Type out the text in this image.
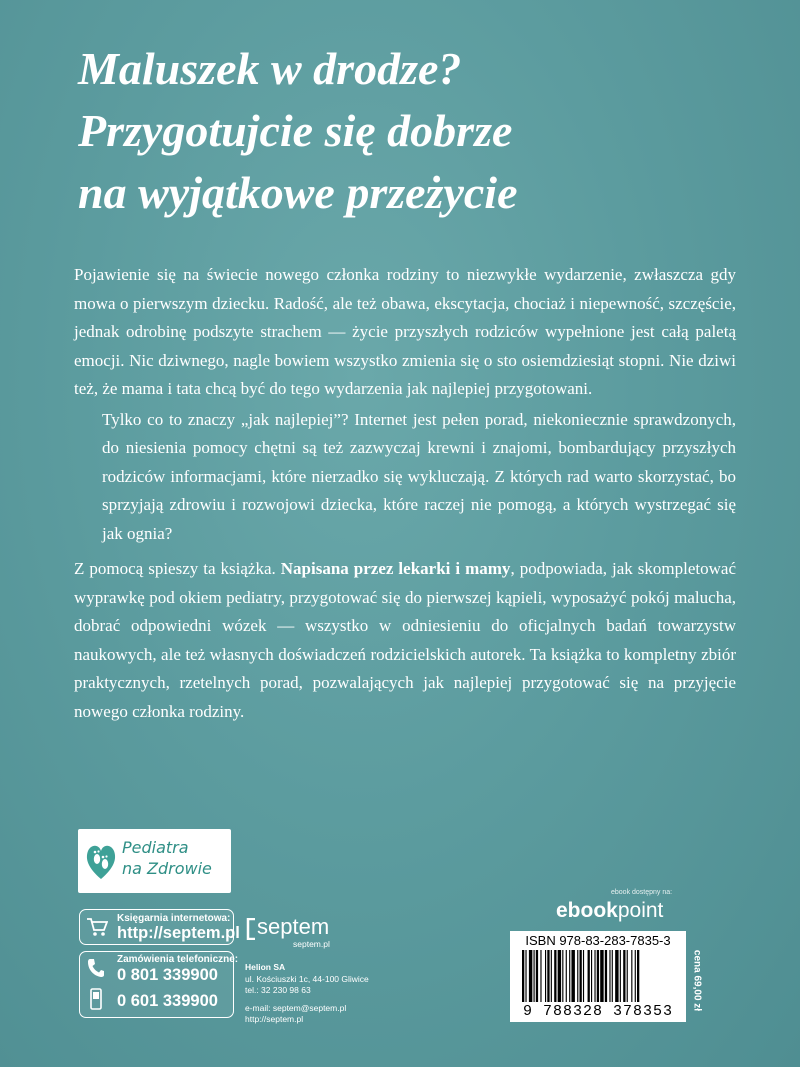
Maluszek w drodze?
Przygotujcie się dobrze
na wyjątkowe przeżycie

Pojawienie się na świecie nowego członka rodziny to niezwykłe wydarzenie, zwłaszcza gdy mowa o pierwszym dziecku. Radość, ale też obawa, ekscytacja, chociaż i niepewność, szczęście, jednak odrobinę podszyte strachem — życie przyszłych rodziców wypełnione jest całą paletą emocji. Nic dziwnego, nagle bowiem wszystko zmienia się o sto osiemdziesiąt stopni. Nie dziwi też, że mama i tata chcą być do tego wydarzenia jak najlepiej przygotowani.

Tylko co to znaczy „jak najlepiej”? Internet jest pełen porad, niekoniecznie sprawdzonych, do niesienia pomocy chętni są też zazwyczaj krewni i znajomi, bombardujący przyszłych rodziców informacjami, które nierzadko się wykluczają. Z których rad warto skorzystać, bo sprzyjają zdrowiu i rozwojowi dziecka, które raczej nie pomogą, a których wystrzegać się jak ognia?

Z pomocą spieszy ta książka. Napisana przez lekarki i mamy, podpowiada, jak skompletować wyprawkę pod okiem pediatry, przygotować się do pierwszej kąpieli, wyposażyć pokój malucha, dobrać odpowiedni wózek — wszystko w odniesieniu do oficjalnych badań towarzystw naukowych, ale też własnych doświadczeń rodzicielskich autorek. Ta książka to kompletny zbiór praktycznych, rzetelnych porad, pozwalających jak najlepiej przygotować się na przyjęcie nowego członka rodziny.

Pediatra
na Zdrowie
Księgarnia internetowa:
http://septem.pl
Zamówienia telefoniczne:
0 801 339900
0 601 339900
septem
septem.pl
Helion SA
ul. Kościuszki 1c, 44-100 Gliwice
tel.: 32 230 98 63
e-mail: septem@septem.pl
http://septem.pl
ebook dostępny na:
ebookpoint
ISBN 978-83-283-7835-3
9 788328 378353
cena 69,00 zł
